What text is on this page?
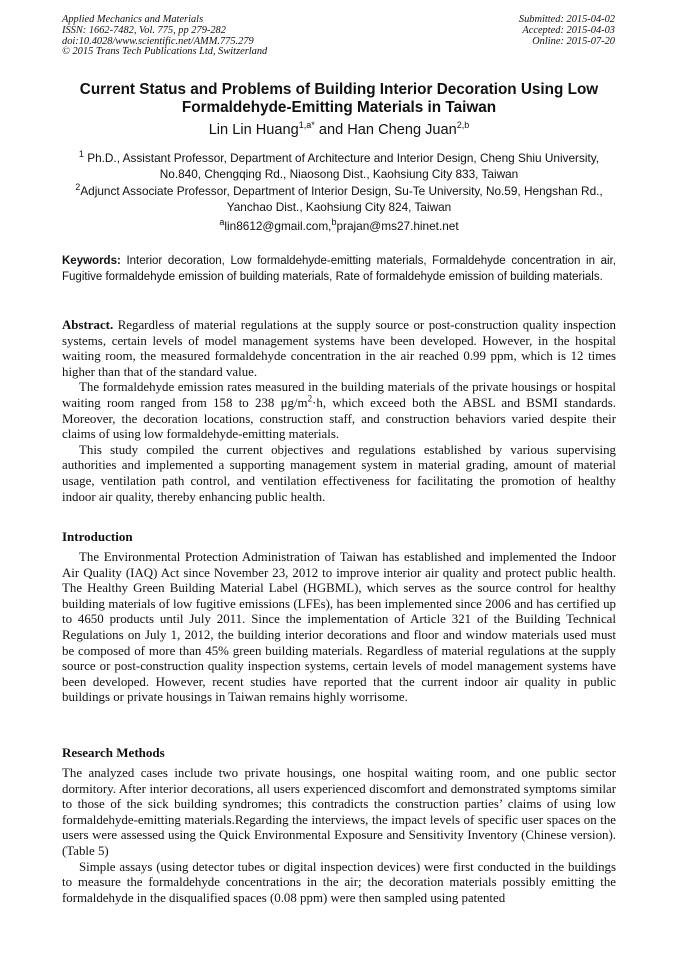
Applied Mechanics and Materials
ISSN: 1662-7482, Vol. 775, pp 279-282
doi:10.4028/www.scientific.net/AMM.775.279
© 2015 Trans Tech Publications Ltd, Switzerland
Submitted: 2015-04-02
Accepted: 2015-04-03
Online: 2015-07-20
Current Status and Problems of Building Interior Decoration Using Low Formaldehyde-Emitting Materials in Taiwan
Lin Lin Huang$^{1,a*}$ and Han Cheng Juan$^{2,b}$
$^1$ Ph.D., Assistant Professor, Department of Architecture and Interior Design, Cheng Shiu University, No.840, Chengqing Rd., Niaosong Dist., Kaohsiung City 833, Taiwan
$^2$Adjunct Associate Professor, Department of Interior Design, Su-Te University, No.59, Hengshan Rd., Yanchao Dist., Kaohsiung City 824, Taiwan
$^a$lin8612@gmail.com,$^b$prajan@ms27.hinet.net
Keywords: Interior decoration, Low formaldehyde-emitting materials, Formaldehyde concentration in air, Fugitive formaldehyde emission of building materials, Rate of formaldehyde emission of building materials.

Abstract. Regardless of material regulations at the supply source or post-construction quality inspection systems, certain levels of model management systems have been developed. However, in the hospital waiting room, the measured formaldehyde concentration in the air reached 0.99 ppm, which is 12 times higher than that of the standard value.

The formaldehyde emission rates measured in the building materials of the private housings or hospital waiting room ranged from 158 to 238 $\mu g/m^2\cdot h$, which exceed both the ABSL and BSMI standards. Moreover, the decoration locations, construction staff, and construction behaviors varied despite their claims of using low formaldehyde-emitting materials.

This study compiled the current objectives and regulations established by various supervising authorities and implemented a supporting management system in material grading, amount of material usage, ventilation path control, and ventilation effectiveness for facilitating the promotion of healthy indoor air quality, thereby enhancing public health.

Introduction

The Environmental Protection Administration of Taiwan has established and implemented the Indoor Air Quality (IAQ) Act since November 23, 2012 to improve interior air quality and protect public health. The Healthy Green Building Material Label (HGBML), which serves as the source control for healthy building materials of low fugitive emissions (LFEs), has been implemented since 2006 and has certified up to 4650 products until July 2011. Since the implementation of Article 321 of the Building Technical Regulations on July 1, 2012, the building interior decorations and floor and window materials used must be composed of more than 45% green building materials. Regardless of material regulations at the supply source or post-construction quality inspection systems, certain levels of model management systems have been developed. However, recent studies have reported that the current indoor air quality in public buildings or private housings in Taiwan remains highly worrisome.

Research Methods

The analyzed cases include two private housings, one hospital waiting room, and one public sector dormitory. After interior decorations, all users experienced discomfort and demonstrated symptoms similar to those of the sick building syndromes; this contradicts the construction parties’ claims of using low formaldehyde-emitting materials.Regarding the interviews, the impact levels of specific user spaces on the users were assessed using the Quick Environmental Exposure and Sensitivity Inventory (Chinese version). (Table 5)

Simple assays (using detector tubes or digital inspection devices) were first conducted in the buildings to measure the formaldehyde concentrations in the air; the decoration materials possibly emitting the formaldehyde in the disqualified spaces (0.08 ppm) were then sampled using patented
